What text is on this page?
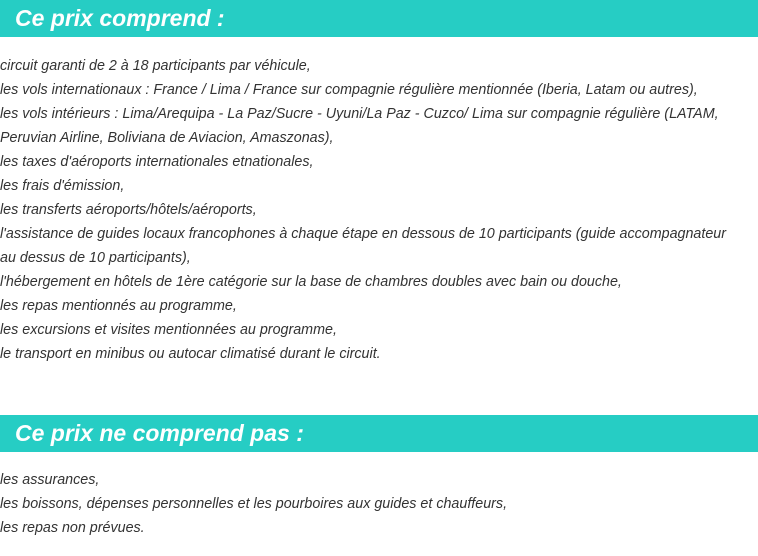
Ce prix comprend :
circuit garanti de 2 à 18 participants par véhicule,
les vols internationaux : France / Lima / France sur compagnie régulière mentionnée (Iberia, Latam ou autres),
les vols intérieurs : Lima/Arequipa - La Paz/Sucre - Uyuni/La Paz - Cuzco/ Lima sur compagnie régulière (LATAM, Peruvian Airline, Boliviana de Aviacion, Amaszonas),
les taxes d'aéroports internationales etnationales,
les frais d'émission,
les transferts aéroports/hôtels/aéroports,
l'assistance de guides locaux francophones à chaque étape en dessous de 10 participants (guide accompagnateur au dessus de 10 participants),
l'hébergement en hôtels de 1ère catégorie sur la base de chambres doubles avec bain ou douche,
les repas mentionnés au programme,
les excursions et visites mentionnées au programme,
le transport en minibus ou autocar climatisé durant le circuit.
Ce prix ne comprend pas :
les assurances,
les boissons, dépenses personnelles et les pourboires aux guides et chauffeurs,
les repas non prévues.
